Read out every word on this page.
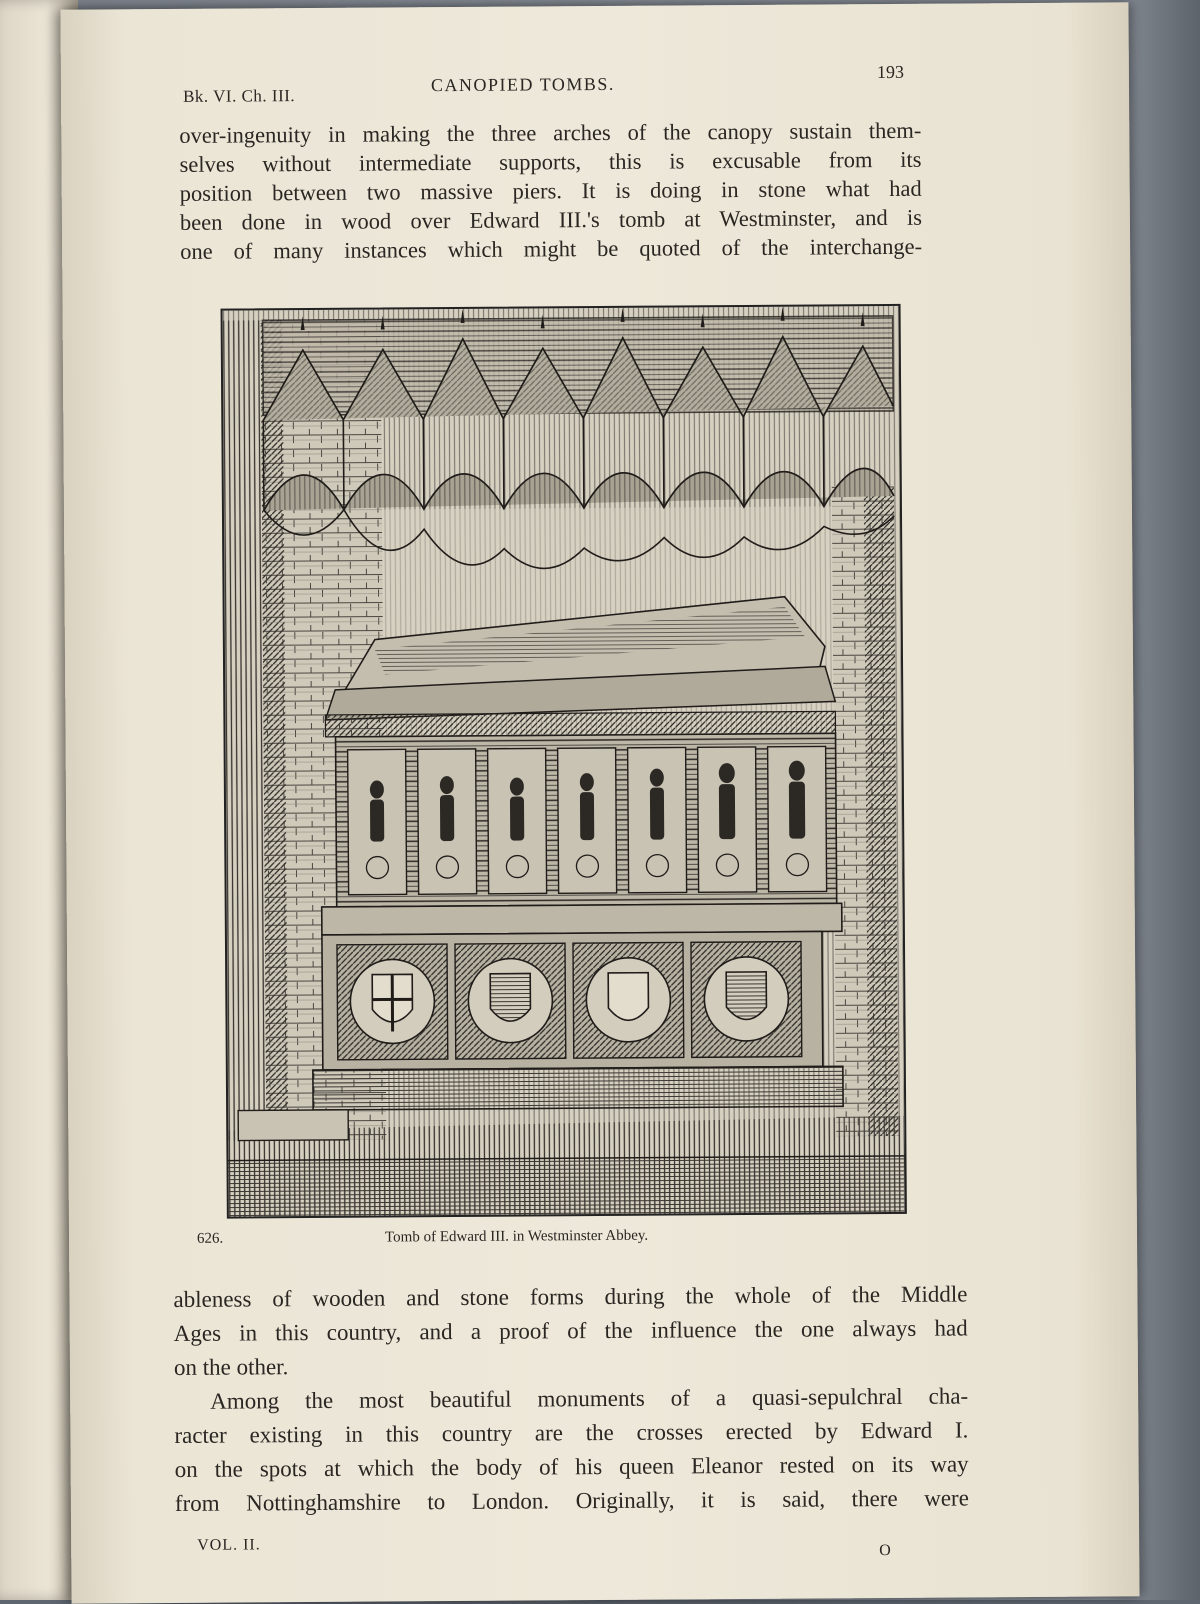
Bk. VI. Ch. III.
CANOPIED TOMBS.
193
over-ingenuity in making the three arches of the canopy sustain them-
selves without intermediate supports, this is excusable from its
position between two massive piers. It is doing in stone what had
been done in wood over Edward III.'s tomb at Westminster, and is
one of many instances which might be quoted of the interchange-
626.	Tomb of Edward III. in Westminster Abbey.
ableness of wooden and stone forms during the whole of the Middle
Ages in this country, and a proof of the influence the one always had
on the other.
Among the most beautiful monuments of a quasi-sepulchral cha-
racter existing in this country are the crosses erected by Edward I.
on the spots at which the body of his queen Eleanor rested on its way
from Nottinghamshire to London. Originally, it is said, there were
VOL. II.	O
